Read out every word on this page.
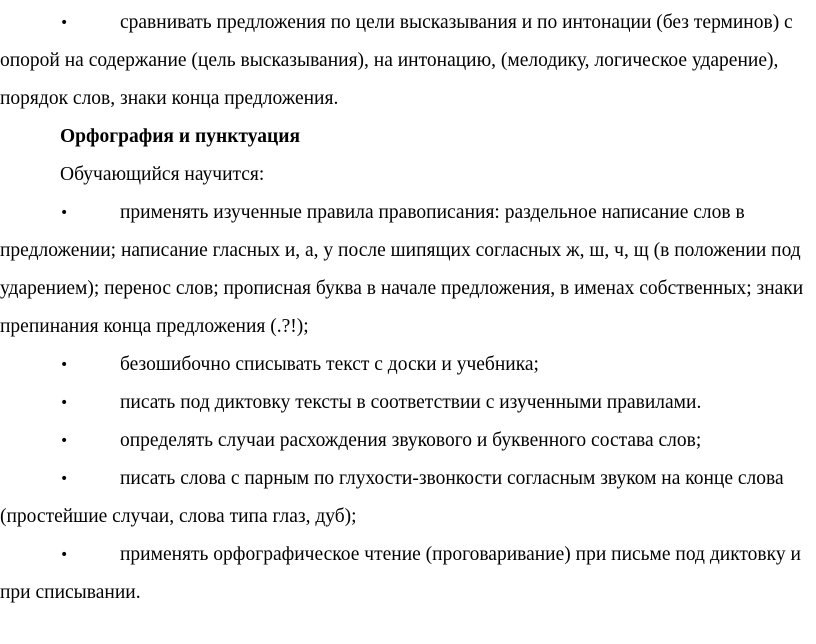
•	сравнивать предложения по цели высказывания и по интонации (без терминов) с опорой на содержание (цель высказывания), на интонацию, (мелодику, логическое ударение), порядок слов, знаки конца предложения.

Орфография и пунктуация

Обучающийся научится:

•	применять изученные правила правописания: раздельное написание слов в предложении; написание гласных и, а, у после шипящих согласных ж, ш, ч, щ (в положении под ударением); перенос слов; прописная буква в начале предложения, в именах собственных; знаки препинания конца предложения (.?!);

•	безошибочно списывать текст с доски и учебника;

•	писать под диктовку тексты в соответствии с изученными правилами.

•	определять случаи расхождения звукового и буквенного состава слов;

•	писать слова с парным по глухости-звонкости согласным звуком на конце слова (простейшие случаи, слова типа глаз, дуб);

•	применять орфографическое чтение (проговаривание) при письме под диктовку и при списывании.
